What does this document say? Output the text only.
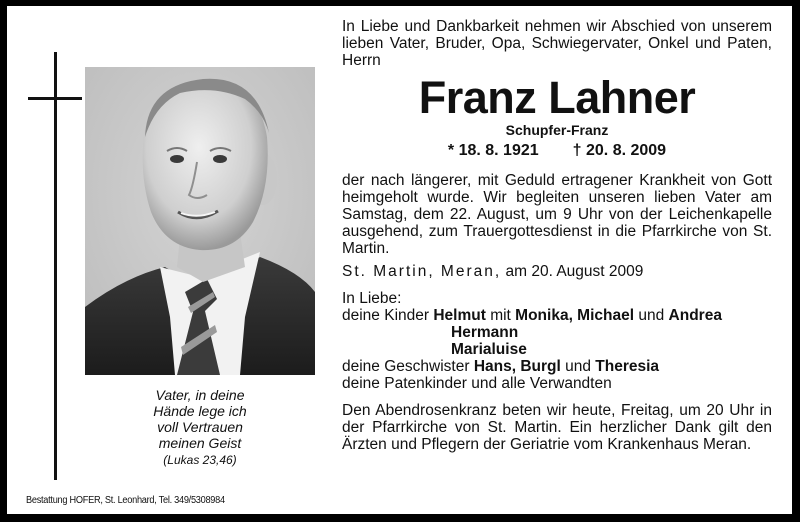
Vater, in deine
Hände lege ich
voll Vertrauen
meinen Geist
(Lukas 23,46)
Bestattung HOFER, St. Leonhard, Tel. 349/5308984

In Liebe und Dankbarkeit nehmen wir Abschied von unserem lieben Vater, Bruder, Opa, Schwiegervater, Onkel und Paten, Herrn

Franz Lahner
Schupfer-Franz
* 18. 8. 1921 † 20. 8. 2009

der nach längerer, mit Geduld ertragener Krankheit von Gott heimgeholt wurde. Wir begleiten unseren lieben Vater am Samstag, dem 22. August, um 9 Uhr von der Leichenkapelle ausgehend, zum Trauergottesdienst in die Pfarrkirche von St. Martin.

St. Martin, Meran, am 20. August 2009

In Liebe:
deine Kinder Helmut mit Monika, Michael und Andrea
Hermann
Marialuise
deine Geschwister Hans, Burgl und Theresia
deine Patenkinder und alle Verwandten

Den Abendrosenkranz beten wir heute, Freitag, um 20 Uhr in der Pfarrkirche von St. Martin. Ein herzlicher Dank gilt den Ärzten und Pflegern der Geriatrie vom Krankenhaus Meran.
